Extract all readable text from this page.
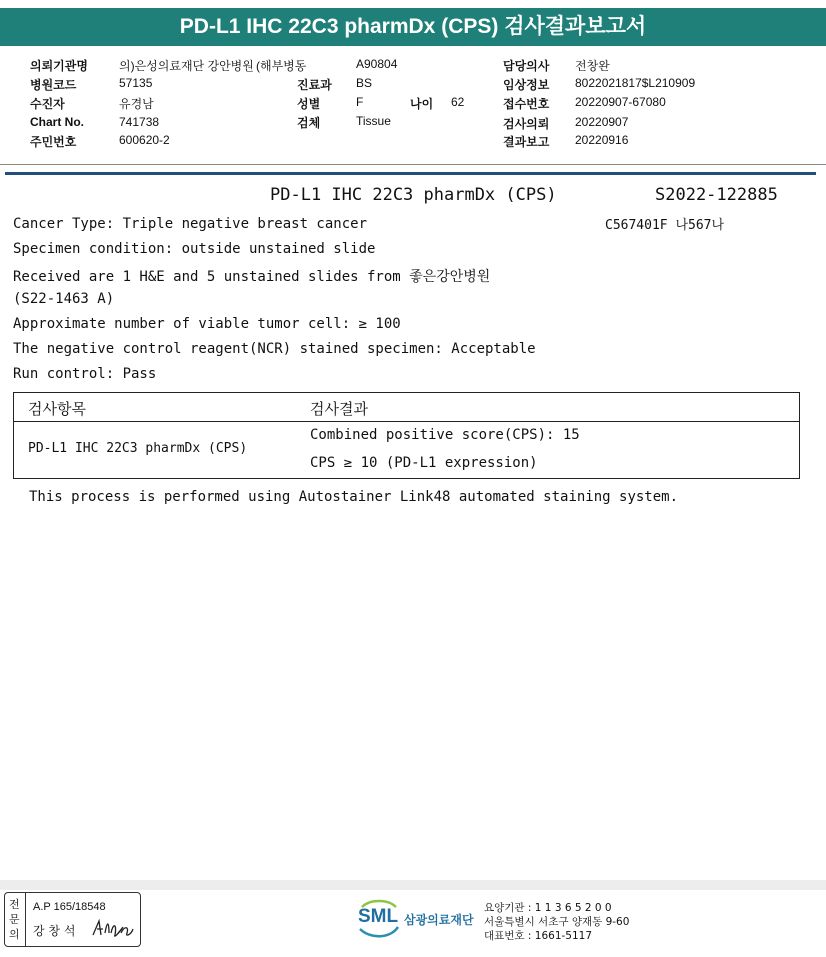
PD-L1 IHC 22C3 pharmDx (CPS) 검사결과보고서
의뢰기관명	의)은성의료재단 강안병원 (해부병동	A90804	담당의사 전창완
병원코드	57135	진료과 BS	임상정보 8022021817$L210909
수진자	유경남	성별	F	나이 62	접수번호 20220907-67080
Chart No.	741738	검체	Tissue	검사의뢰 20220907
주민번호	600620-2	결과보고 20220916
PD-L1 IHC 22C3 pharmDx (CPS)	S2022-122885
C567401F 나567나
Cancer Type: Triple negative breast cancer
Specimen condition: outside unstained slide
Received are 1 H&E and 5 unstained slides from 좋은강안병원
(S22-1463 A)
Approximate number of viable tumor cell: ≥ 100
The negative control reagent(NCR) stained specimen: Acceptable
Run control: Pass
검사항목	검사결과
PD-L1 IHC 22C3 pharmDx (CPS)
Combined positive score(CPS): 15
CPS ≥ 10 (PD-L1 expression)
This process is performed using Autostainer Link48 automated staining system.
전문의
A.P 165/18548
강 창 석
SML 삼광의료재단
요양기관 : 1 1 3 6 5 2 0 0
서울특별시 서초구 양재동 9-60
대표번호 : 1661-5117
